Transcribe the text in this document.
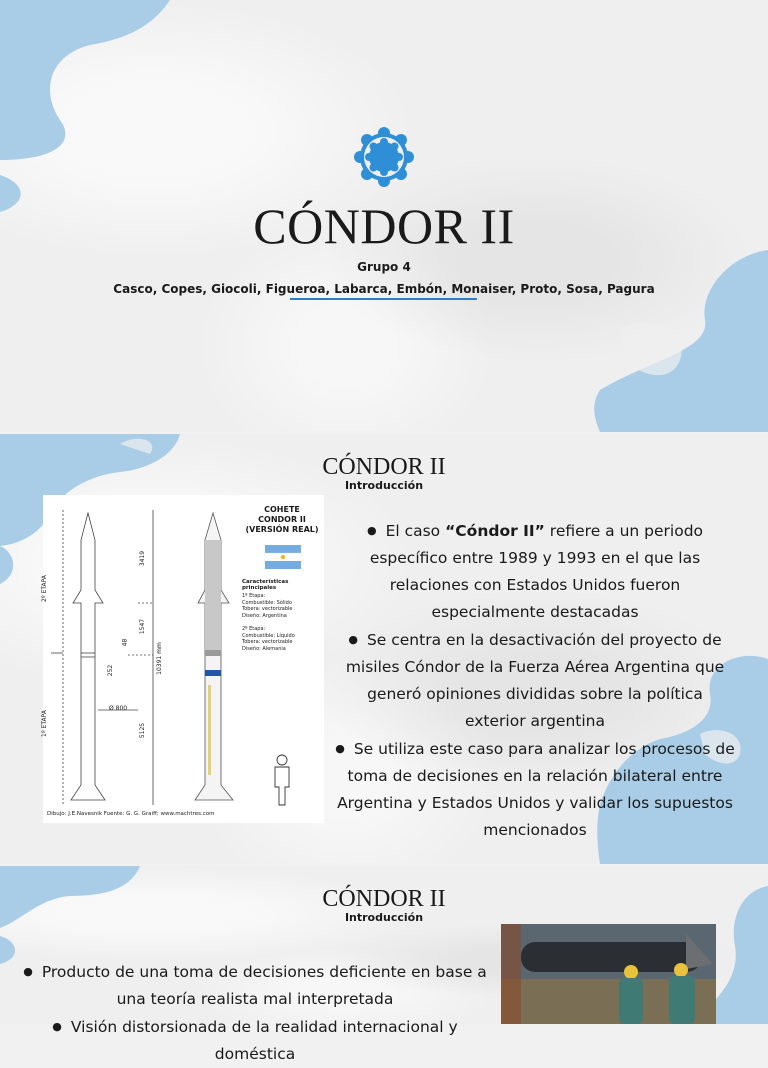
CÓNDOR II
Grupo 4
Casco, Copes, Giocoli, Figueroa, Labarca, Embón, Monaiser, Proto, Sosa, Pagura
CÓNDOR II
Introducción
COHETE
CONDOR II
(VERSIÓN REAL)
2º ETAPA
1º ETAPA
3419
1547
10391 mm
5125
48
252
Ø 800
Características principales
1º Etapa:
Combustible: Sólido
Tobera: vectorizable
Diseño: Argentina
2º Etapa:
Combustible: Líquido
Tobera: vectorizable
Diseño: Alemania
Dibujo: J.E.Navesnik Fuente: G. G. Graiff; www.machtres.com
● El caso “Cóndor II” refiere a un periodo específico entre 1989 y 1993 en el que las relaciones con Estados Unidos fueron especialmente destacadas
● Se centra en la desactivación del proyecto de misiles Cóndor de la Fuerza Aérea Argentina que generó opiniones divididas sobre la política exterior argentina
● Se utiliza este caso para analizar los procesos de toma de decisiones en la relación bilateral entre Argentina y Estados Unidos y validar los supuestos mencionados
CÓNDOR II
Introducción
● Producto de una toma de decisiones deficiente en base a una teoría realista mal interpretada
● Visión distorsionada de la realidad internacional y doméstica
